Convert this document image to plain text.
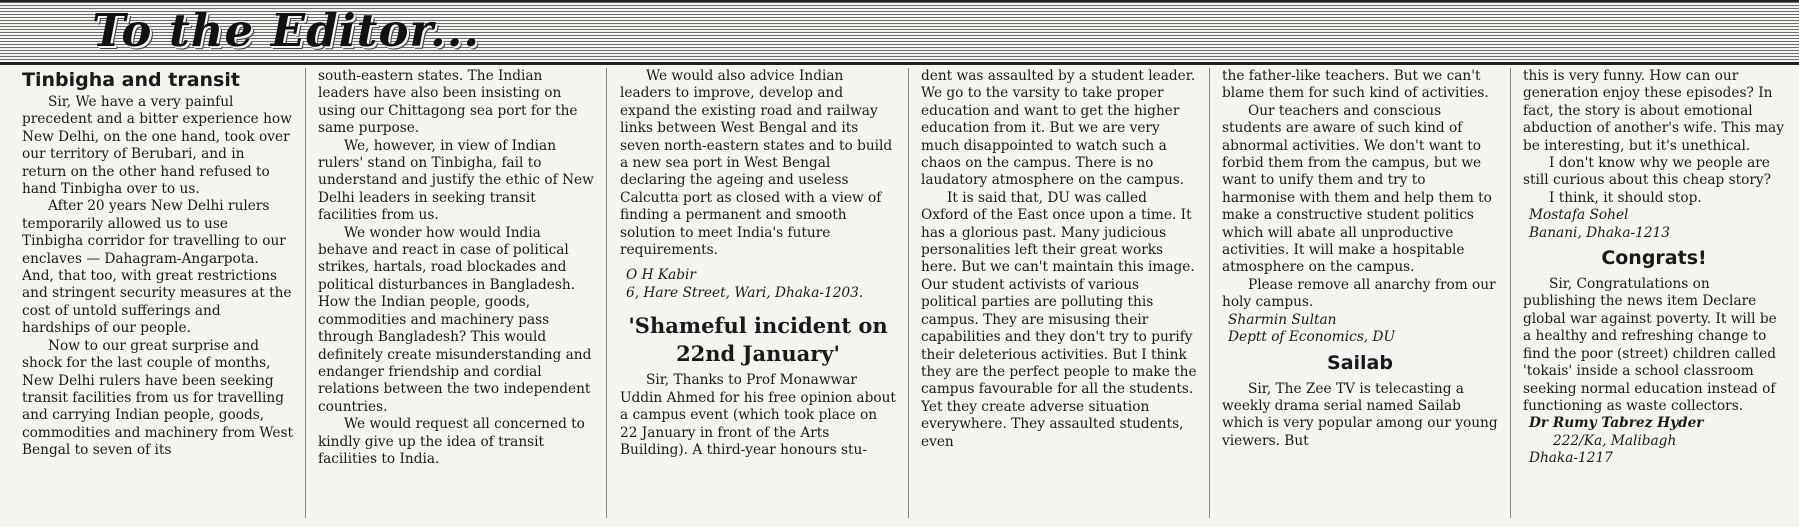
To the Editor...
Tinbigha and transit

Sir, We have a very painful precedent and a bitter experience how New Delhi, on the one hand, took over our territory of Berubari, and in return on the other hand refused to hand Tinbigha over to us.

After 20 years New Delhi rulers temporarily allowed us to use Tinbigha corridor for travelling to our enclaves — Dahagram-Angarpota. And, that too, with great restrictions and stringent security measures at the cost of untold sufferings and hardships of our people.

Now to our great surprise and shock for the last couple of months, New Delhi rulers have been seeking transit facilities from us for travelling and carrying Indian people, goods, commodities and machinery from West Bengal to seven of its

south-eastern states. The Indian leaders have also been insisting on using our Chittagong sea port for the same purpose.

We, however, in view of Indian rulers' stand on Tinbigha, fail to understand and justify the ethic of New Delhi leaders in seeking transit facilities from us.

We wonder how would India behave and react in case of political strikes, hartals, road blockades and political disturbances in Bangladesh. How the Indian people, goods, commodities and machinery pass through Bangladesh? This would definitely create misunderstanding and endanger friendship and cordial relations between the two independent countries.

We would request all concerned to kindly give up the idea of transit facilities to India.

We would also advice Indian leaders to improve, develop and expand the existing road and railway links between West Bengal and its seven north-eastern states and to build a new sea port in West Bengal declaring the ageing and useless Calcutta port as closed with a view of finding a permanent and smooth solution to meet India's future requirements.

O H Kabir

6, Hare Street, Wari, Dhaka-1203.

'Shameful incident on 22nd January'

Sir, Thanks to Prof Monawwar Uddin Ahmed for his free opinion about a campus event (which took place on 22 January in front of the Arts Building). A third-year honours stu-

dent was assaulted by a student leader. We go to the varsity to take proper education and want to get the higher education from it. But we are very much disappointed to watch such a chaos on the campus. There is no laudatory atmosphere on the campus.

It is said that, DU was called Oxford of the East once upon a time. It has a glorious past. Many judicious personalities left their great works here. But we can't maintain this image. Our student activists of various political parties are polluting this campus. They are misusing their capabilities and they don't try to purify their deleterious activities. But I think they are the perfect people to make the campus favourable for all the students. Yet they create adverse situation everywhere. They assaulted students, even

the father-like teachers. But we can't blame them for such kind of activities.

Our teachers and conscious students are aware of such kind of abnormal activities. We don't want to forbid them from the campus, but we want to unify them and try to harmonise with them and help them to make a constructive student politics which will abate all unproductive activities. It will make a hospitable atmosphere on the campus.

Please remove all anarchy from our holy campus.

Sharmin Sultan

Deptt of Economics, DU

Sailab

Sir, The Zee TV is telecasting a weekly drama serial named Sailab which is very popular among our young viewers. But

this is very funny. How can our generation enjoy these episodes? In fact, the story is about emotional abduction of another's wife. This may be interesting, but it's unethical.

I don't know why we people are still curious about this cheap story?

I think, it should stop.

Mostafa Sohel

Banani, Dhaka-1213

Congrats!

Sir, Congratulations on publishing the news item Declare global war against poverty. It will be a healthy and refreshing change to find the poor (street) children called 'tokais' inside a school classroom seeking normal education instead of functioning as waste collectors.

Dr Rumy Tabrez Hyder

222/Ka, Malibagh

Dhaka-1217
